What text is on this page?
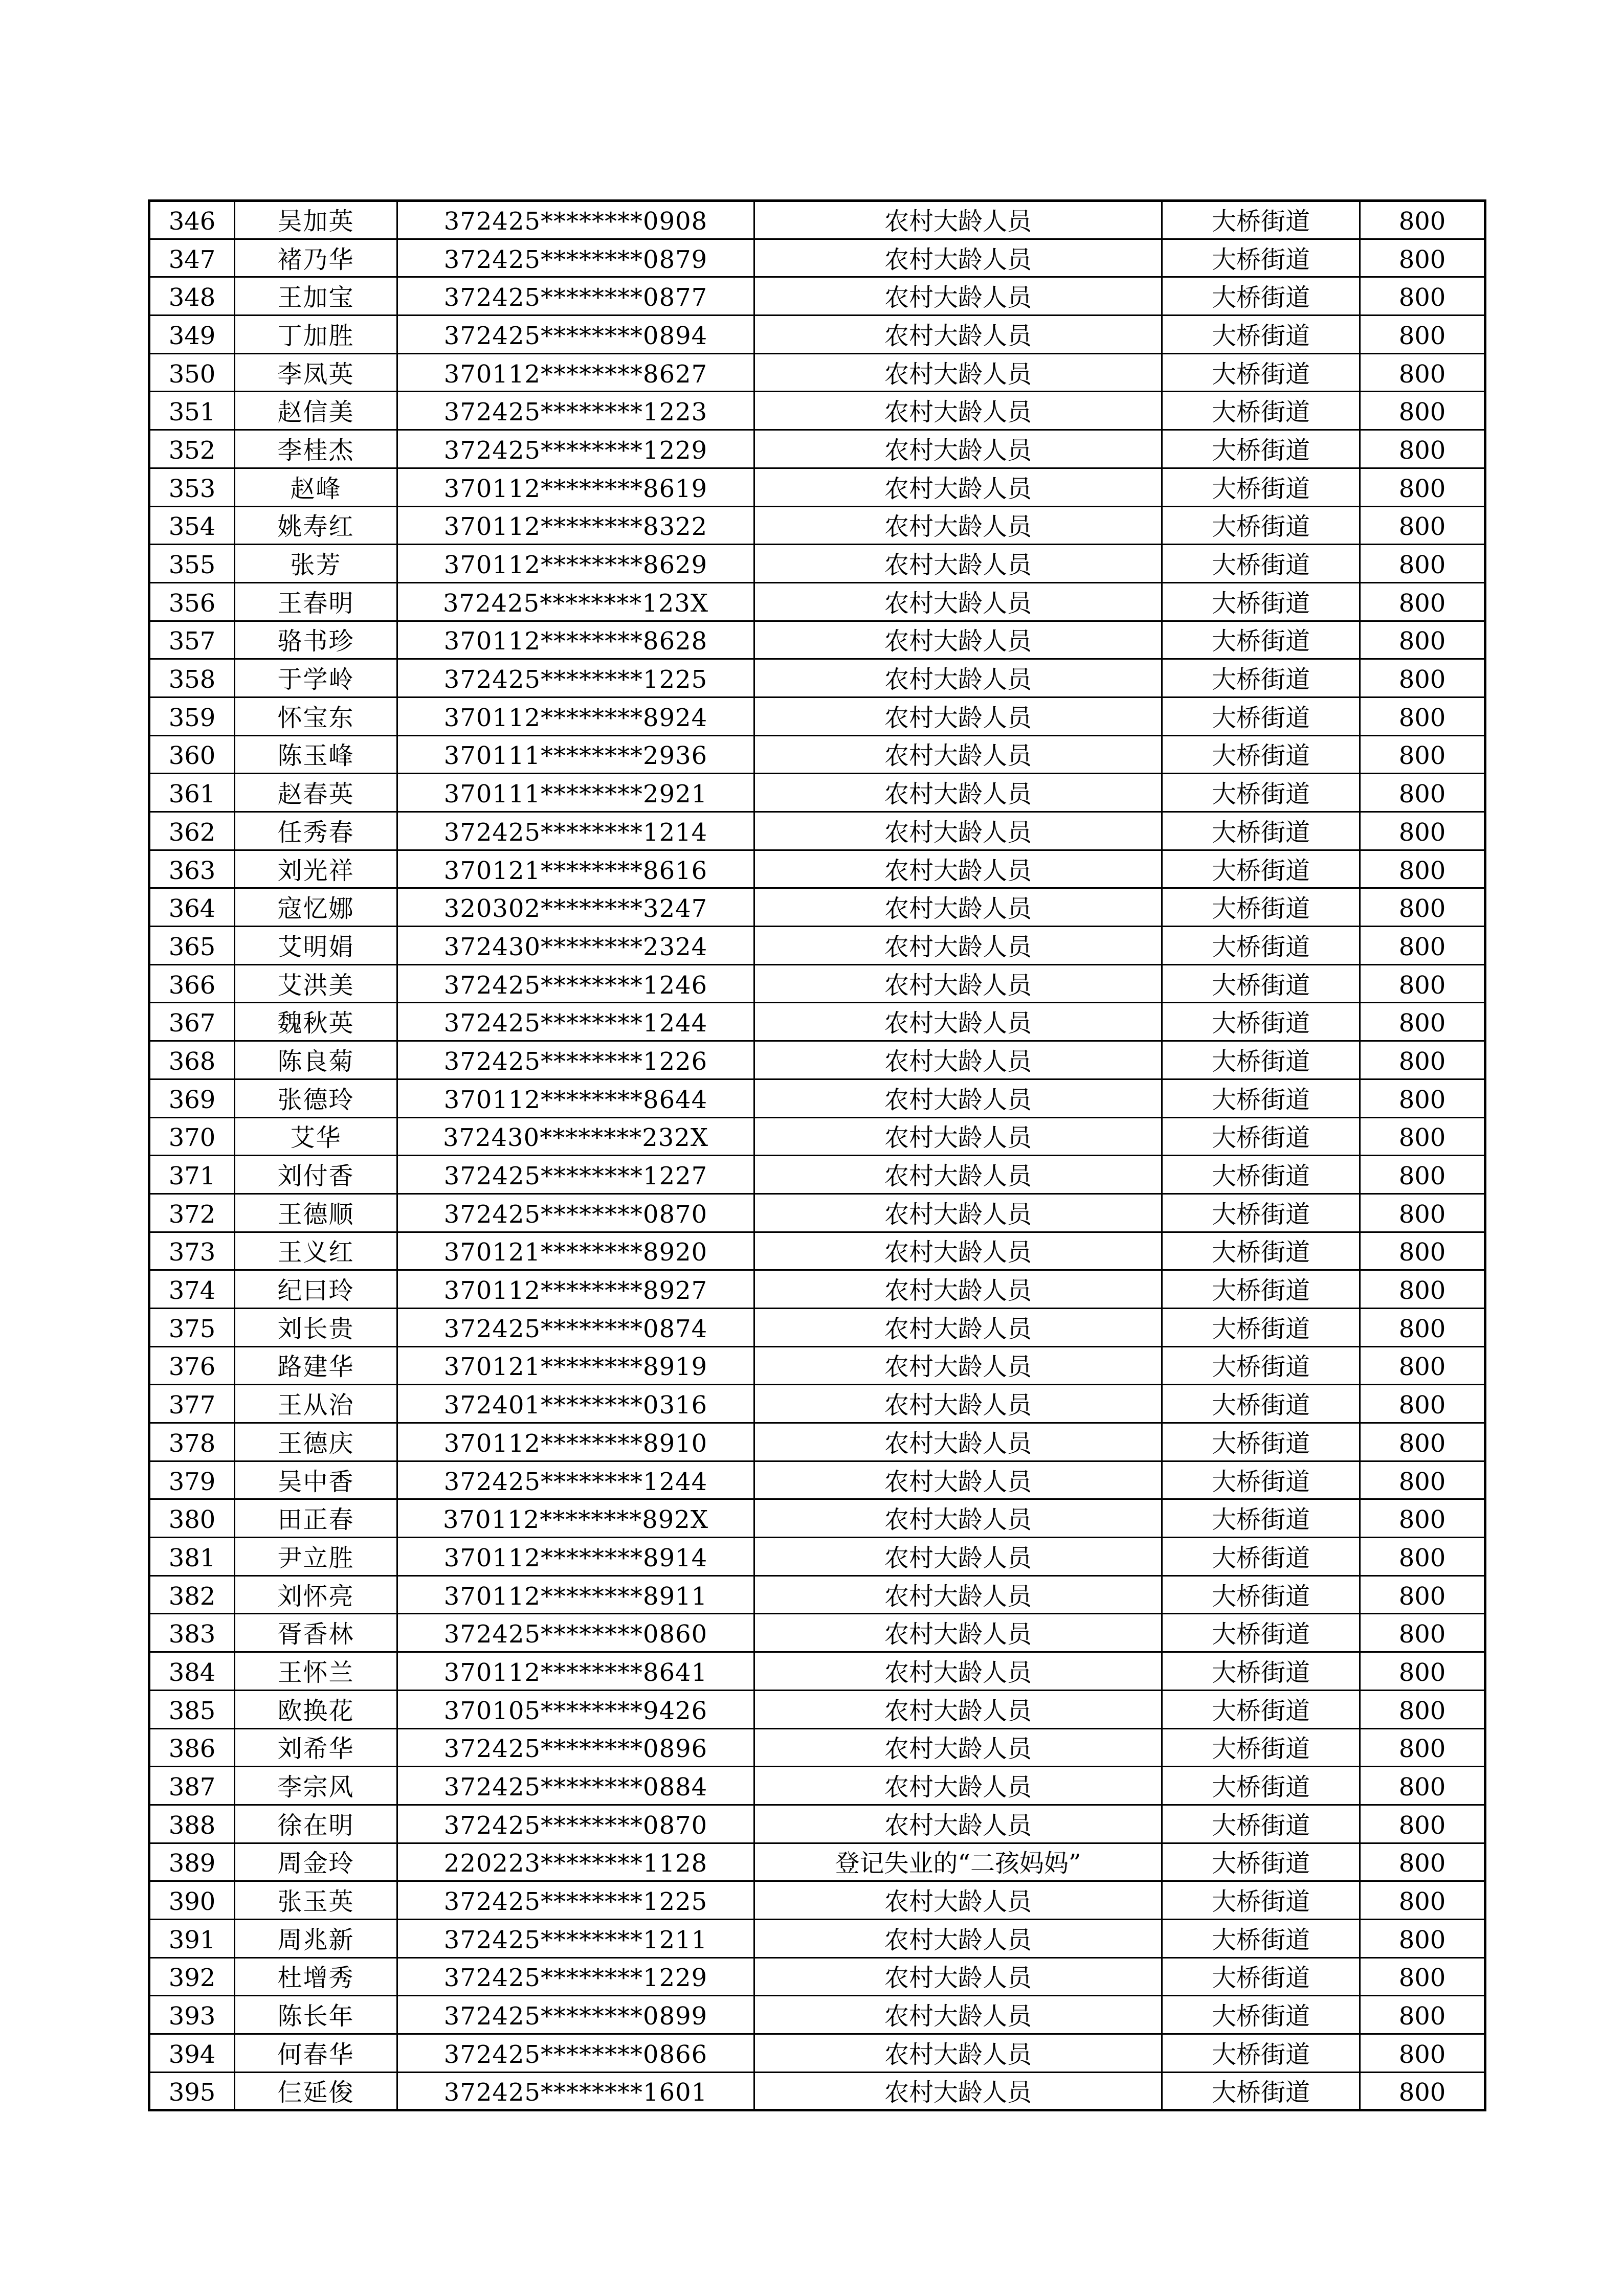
346	吴加英	372425********0908	农村大龄人员	大桥街道	800
347	褚乃华	372425********0879	农村大龄人员	大桥街道	800
348	王加宝	372425********0877	农村大龄人员	大桥街道	800
349	丁加胜	372425********0894	农村大龄人员	大桥街道	800
350	李凤英	370112********8627	农村大龄人员	大桥街道	800
351	赵信美	372425********1223	农村大龄人员	大桥街道	800
352	李桂杰	372425********1229	农村大龄人员	大桥街道	800
353	赵峰	370112********8619	农村大龄人员	大桥街道	800
354	姚寿红	370112********8322	农村大龄人员	大桥街道	800
355	张芳	370112********8629	农村大龄人员	大桥街道	800
356	王春明	372425********123X	农村大龄人员	大桥街道	800
357	骆书珍	370112********8628	农村大龄人员	大桥街道	800
358	于学岭	372425********1225	农村大龄人员	大桥街道	800
359	怀宝东	370112********8924	农村大龄人员	大桥街道	800
360	陈玉峰	370111********2936	农村大龄人员	大桥街道	800
361	赵春英	370111********2921	农村大龄人员	大桥街道	800
362	任秀春	372425********1214	农村大龄人员	大桥街道	800
363	刘光祥	370121********8616	农村大龄人员	大桥街道	800
364	寇忆娜	320302********3247	农村大龄人员	大桥街道	800
365	艾明娟	372430********2324	农村大龄人员	大桥街道	800
366	艾洪美	372425********1246	农村大龄人员	大桥街道	800
367	魏秋英	372425********1244	农村大龄人员	大桥街道	800
368	陈良菊	372425********1226	农村大龄人员	大桥街道	800
369	张德玲	370112********8644	农村大龄人员	大桥街道	800
370	艾华	372430********232X	农村大龄人员	大桥街道	800
371	刘付香	372425********1227	农村大龄人员	大桥街道	800
372	王德顺	372425********0870	农村大龄人员	大桥街道	800
373	王义红	370121********8920	农村大龄人员	大桥街道	800
374	纪曰玲	370112********8927	农村大龄人员	大桥街道	800
375	刘长贵	372425********0874	农村大龄人员	大桥街道	800
376	路建华	370121********8919	农村大龄人员	大桥街道	800
377	王从治	372401********0316	农村大龄人员	大桥街道	800
378	王德庆	370112********8910	农村大龄人员	大桥街道	800
379	吴中香	372425********1244	农村大龄人员	大桥街道	800
380	田正春	370112********892X	农村大龄人员	大桥街道	800
381	尹立胜	370112********8914	农村大龄人员	大桥街道	800
382	刘怀亮	370112********8911	农村大龄人员	大桥街道	800
383	胥香林	372425********0860	农村大龄人员	大桥街道	800
384	王怀兰	370112********8641	农村大龄人员	大桥街道	800
385	欧换花	370105********9426	农村大龄人员	大桥街道	800
386	刘希华	372425********0896	农村大龄人员	大桥街道	800
387	李宗风	372425********0884	农村大龄人员	大桥街道	800
388	徐在明	372425********0870	农村大龄人员	大桥街道	800
389	周金玲	220223********1128	登记失业的“二孩妈妈”	大桥街道	800
390	张玉英	372425********1225	农村大龄人员	大桥街道	800
391	周兆新	372425********1211	农村大龄人员	大桥街道	800
392	杜增秀	372425********1229	农村大龄人员	大桥街道	800
393	陈长年	372425********0899	农村大龄人员	大桥街道	800
394	何春华	372425********0866	农村大龄人员	大桥街道	800
395	仨延俊	372425********1601	农村大龄人员	大桥街道	800
